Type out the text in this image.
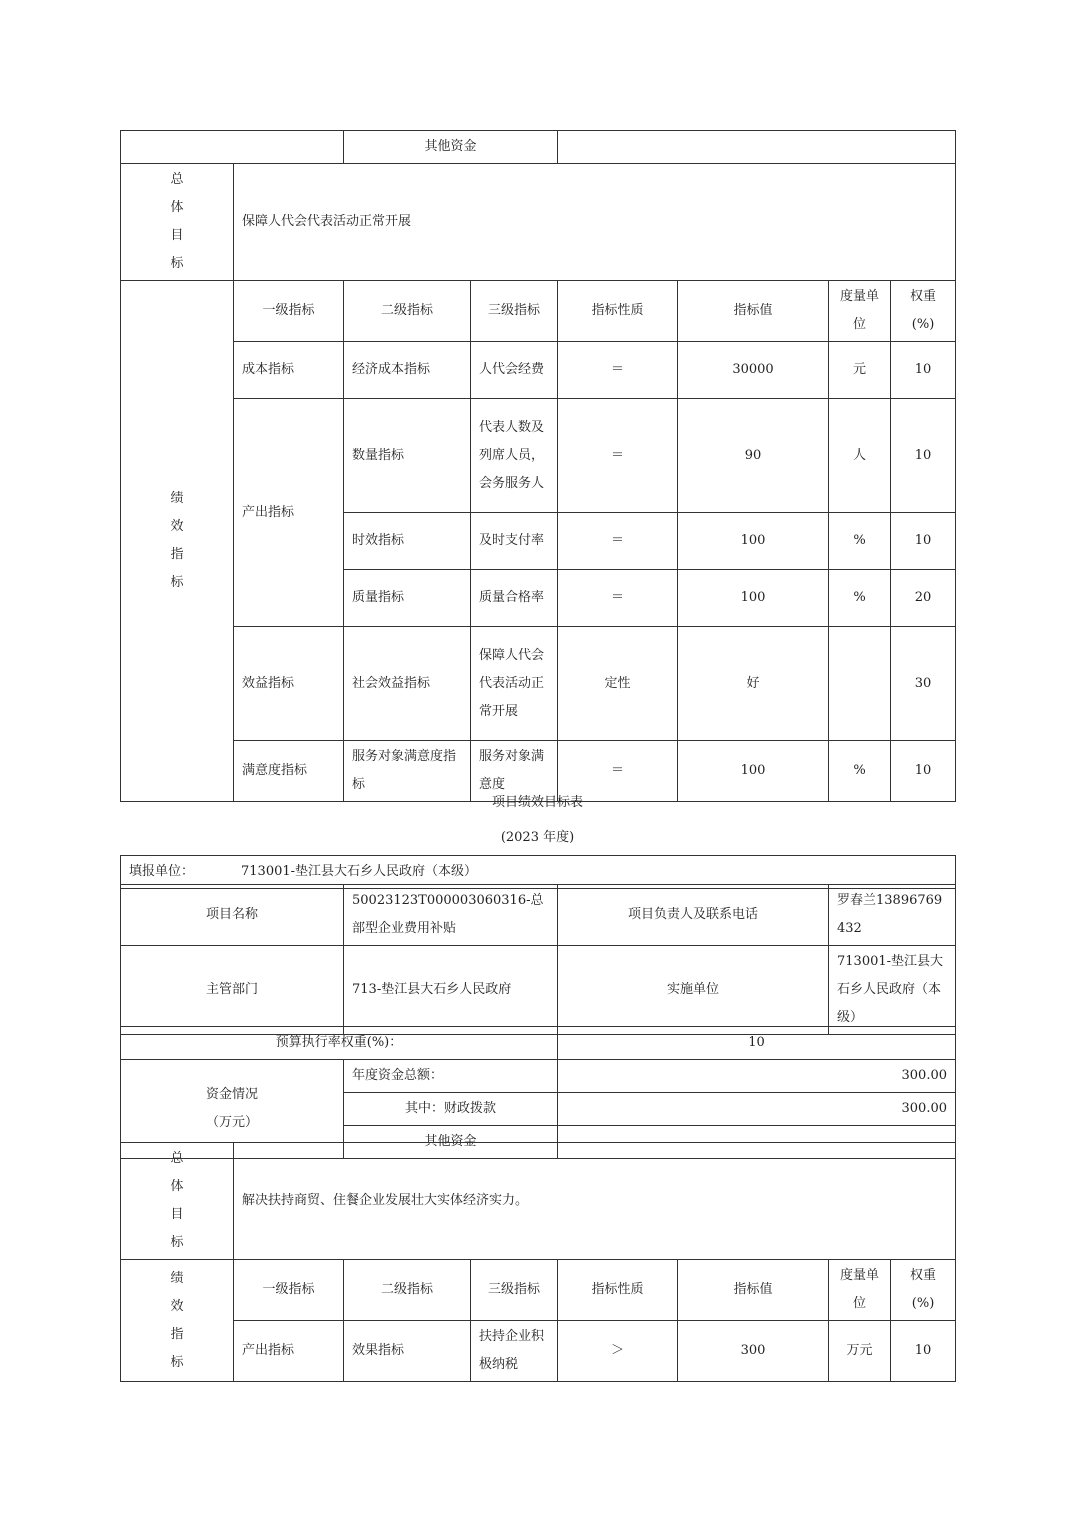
		其他资金					

总
体
目
标	保障人代会代表活动正常开展						

绩
效
指
标	一级指标	二级指标	三级指标	指标性质	指标值	度量单位	权重(%)
	成本指标	经济成本指标	人代会经费	＝	30000	元	10
	产出指标	数量指标	代表人数及列席人员，会务服务人	＝	90	人	10
		时效指标	及时支付率	＝	100	%	10
		质量指标	质量合格率	＝	100	%	20
	效益指标	社会效益指标	保障人代会代表活动正常开展	定性	好		30
	满意度指标	服务对象满意度指标	服务对象满意度	＝	100	%	10
项目绩效目标表
(2023 年度)
填报单位：	713001-垫江县大石乡人民政府（本级）
项目名称	50023123T000003060316-总部型企业费用补贴	项目负责人及联系电话	罗春兰13896769432
主管部门	713-垫江县大石乡人民政府	实施单位	713001-垫江县大石乡人民政府（本级）
预算执行率权重(%)：		10

资金情况
（万元）	年度资金总额：	300.00
	其中：财政拨款	300.00
	其他资金	
总
体
目
标	解决扶持商贸、住餐企业发展壮大实体经济实力。						

绩
效
指
标	一级指标	二级指标	三级指标	指标性质	指标值	度量单位	权重(%)
	产出指标	效果指标	扶持企业积极纳税	＞	300	万元	10
